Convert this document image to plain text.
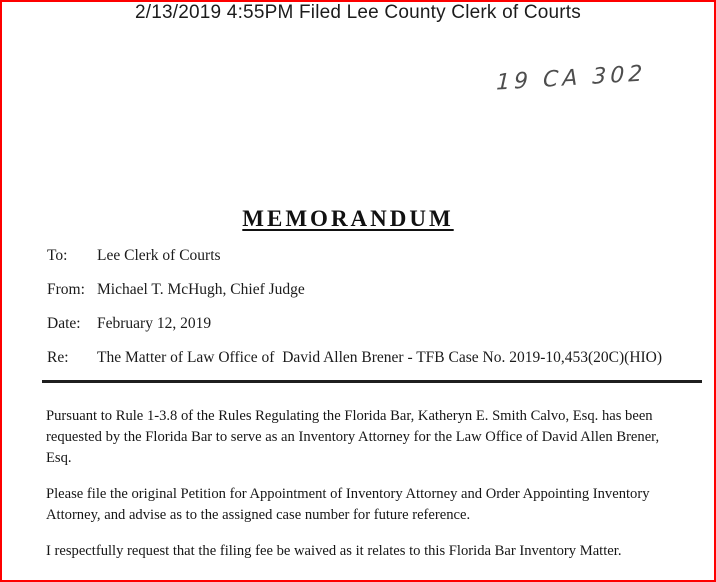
2/13/2019 4:55PM Filed Lee County Clerk of Courts
19 CA 302
MEMORANDUM
To:	Lee Clerk of Courts
From: Michael T. McHugh, Chief Judge
Date:	February 12, 2019
Re:	The Matter of Law Office of  David Allen Brener - TFB Case No. 2019-10,453(20C)(HIO)
Pursuant to Rule 1-3.8 of the Rules Regulating the Florida Bar, Katheryn E. Smith Calvo, Esq. has been
requested by the Florida Bar to serve as an Inventory Attorney for the Law Office of David Allen Brener,
Esq.
Please file the original Petition for Appointment of Inventory Attorney and Order Appointing Inventory
Attorney, and advise as to the assigned case number for future reference.
I respectfully request that the filing fee be waived as it relates to this Florida Bar Inventory Matter.
